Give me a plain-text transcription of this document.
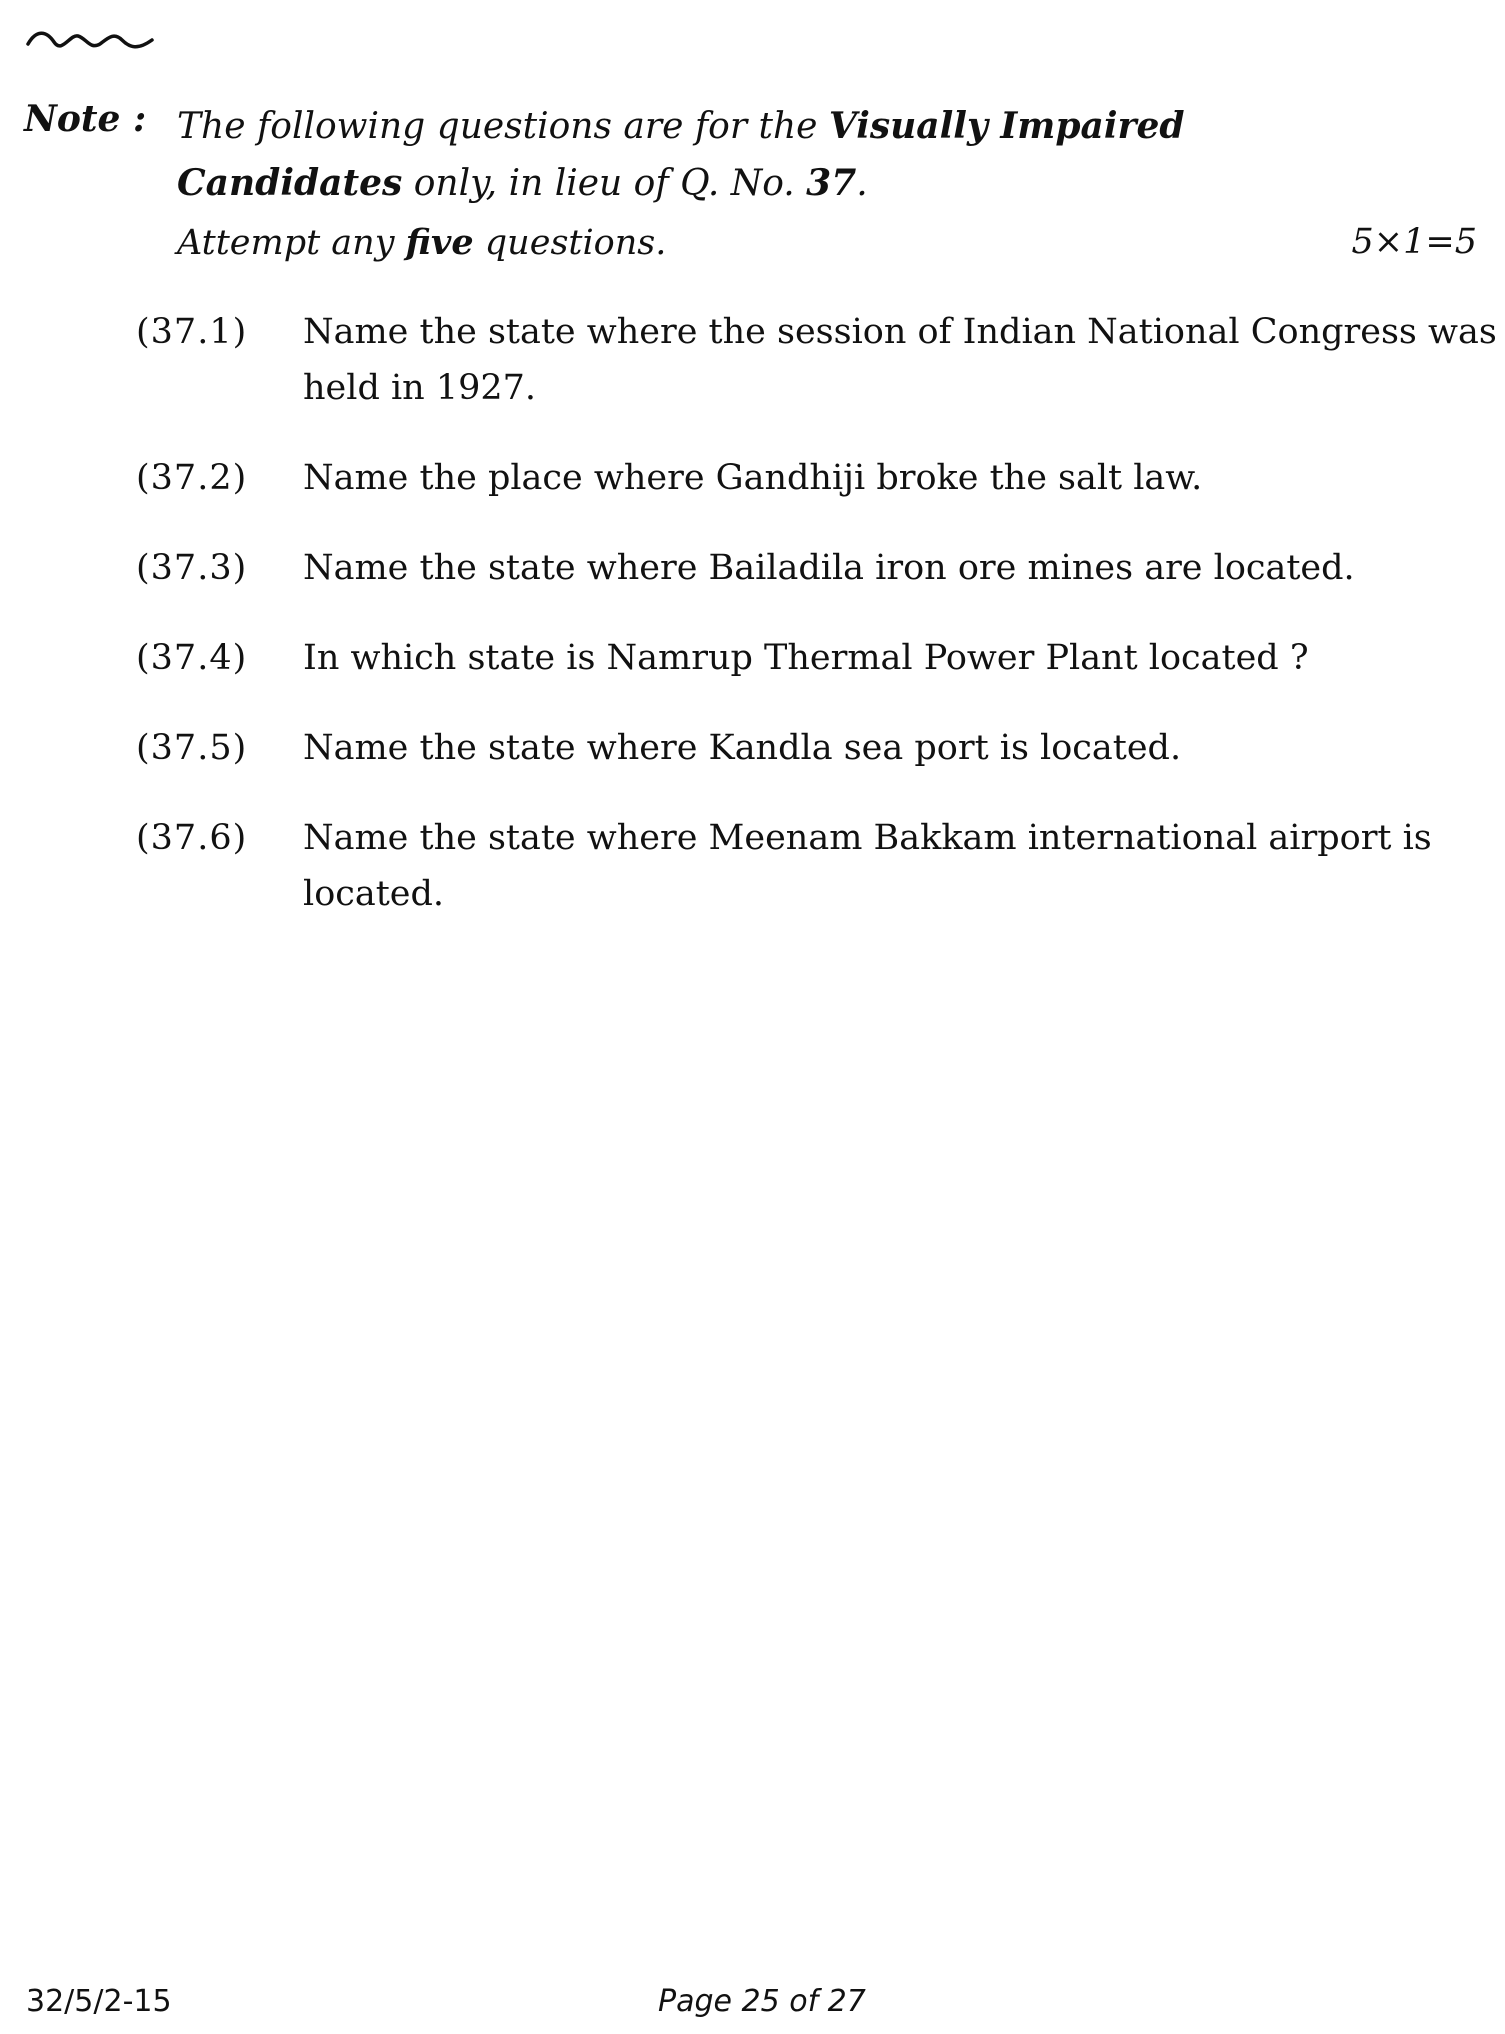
Note : The following questions are for the Visually Impaired Candidates only, in lieu of Q. No. 37.
Attempt any five questions.	5×1=5
(37.1) Name the state where the session of Indian National Congress was held in 1927.
(37.2) Name the place where Gandhiji broke the salt law.
(37.3) Name the state where Bailadila iron ore mines are located.
(37.4) In which state is Namrup Thermal Power Plant located ?
(37.5) Name the state where Kandla sea port is located.
(37.6) Name the state where Meenam Bakkam international airport is located.
32/5/2-15	Page 25 of 27
